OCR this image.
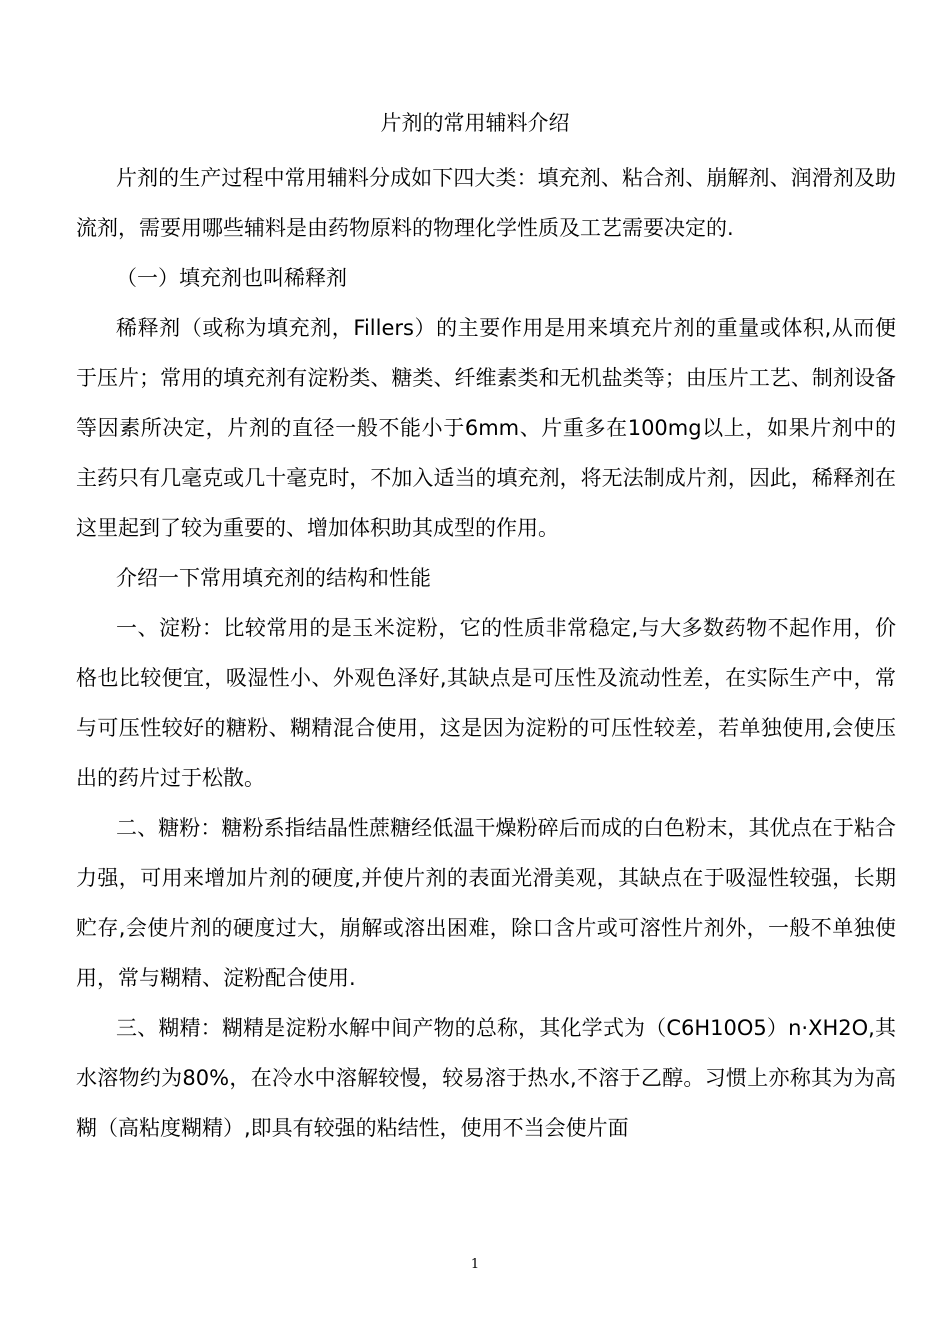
片剂的常用辅料介绍

片剂的生产过程中常用辅料分成如下四大类：填充剂、粘合剂、崩解剂、润滑剂及助流剂，需要用哪些辅料是由药物原料的物理化学性质及工艺需要决定的.

（一）填充剂也叫稀释剂

稀释剂（或称为填充剂，Fillers）的主要作用是用来填充片剂的重量或体积,从而便于压片；常用的填充剂有淀粉类、糖类、纤维素类和无机盐类等；由压片工艺、制剂设备等因素所决定，片剂的直径一般不能小于6mm、片重多在100mg以上，如果片剂中的主药只有几毫克或几十毫克时，不加入适当的填充剂，将无法制成片剂，因此，稀释剂在这里起到了较为重要的、增加体积助其成型的作用。

介绍一下常用填充剂的结构和性能

一、淀粉：比较常用的是玉米淀粉，它的性质非常稳定,与大多数药物不起作用，价格也比较便宜，吸湿性小、外观色泽好,其缺点是可压性及流动性差，在实际生产中，常与可压性较好的糖粉、糊精混合使用，这是因为淀粉的可压性较差，若单独使用,会使压出的药片过于松散。

二、糖粉：糖粉系指结晶性蔗糖经低温干燥粉碎后而成的白色粉末，其优点在于粘合力强，可用来增加片剂的硬度,并使片剂的表面光滑美观，其缺点在于吸湿性较强，长期贮存,会使片剂的硬度过大，崩解或溶出困难，除口含片或可溶性片剂外，一般不单独使用，常与糊精、淀粉配合使用.

三、糊精：糊精是淀粉水解中间产物的总称，其化学式为（C6H10O5）n·XH2O,其水溶物约为80%，在冷水中溶解较慢，较易溶于热水,不溶于乙醇。习惯上亦称其为为高糊（高粘度糊精）,即具有较强的粘结性，使用不当会使片面

1
